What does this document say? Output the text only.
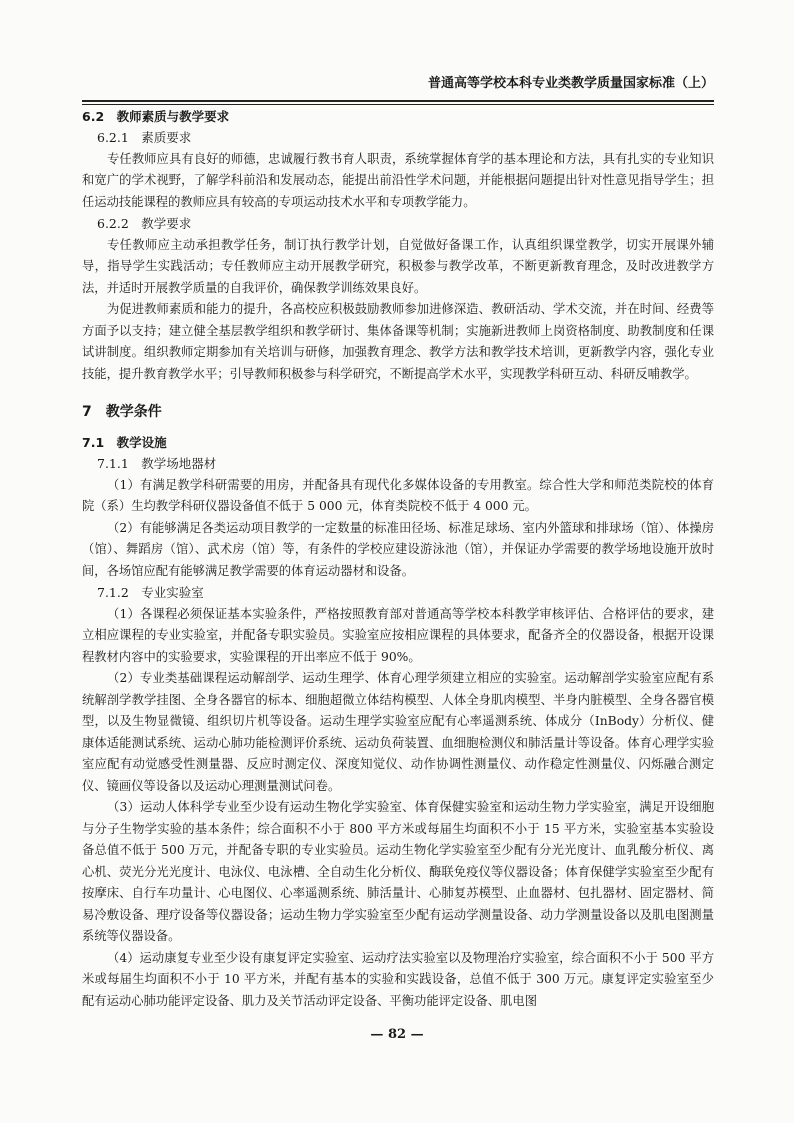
普通高等学校本科专业类教学质量国家标准（上）
6.2　教师素质与教学要求
6.2.1　素质要求

专任教师应具有良好的师德，忠诚履行教书育人职责，系统掌握体育学的基本理论和方法，具有扎实的专业知识和宽广的学术视野，了解学科前沿和发展动态，能提出前沿性学术问题，并能根据问题提出针对性意见指导学生；担任运动技能课程的教师应具有较高的专项运动技术水平和专项教学能力。

6.2.2　教学要求

专任教师应主动承担教学任务，制订执行教学计划，自觉做好备课工作，认真组织课堂教学，切实开展课外辅导，指导学生实践活动；专任教师应主动开展教学研究，积极参与教学改革，不断更新教育理念，及时改进教学方法，并适时开展教学质量的自我评价，确保教学训练效果良好。

为促进教师素质和能力的提升，各高校应积极鼓励教师参加进修深造、教研活动、学术交流，并在时间、经费等方面予以支持；建立健全基层教学组织和教学研讨、集体备课等机制；实施新进教师上岗资格制度、助教制度和任课试讲制度。组织教师定期参加有关培训与研修，加强教育理念、教学方法和教学技术培训，更新教学内容，强化专业技能，提升教育教学水平；引导教师积极参与科学研究，不断提高学术水平，实现教学科研互动、科研反哺教学。

7　教学条件
7.1　教学设施
7.1.1　教学场地器材

（1）有满足教学科研需要的用房，并配备具有现代化多媒体设备的专用教室。综合性大学和师范类院校的体育院（系）生均教学科研仪器设备值不低于 5 000 元，体育类院校不低于 4 000 元。

（2）有能够满足各类运动项目教学的一定数量的标准田径场、标准足球场、室内外篮球和排球场（馆）、体操房（馆）、舞蹈房（馆）、武术房（馆）等，有条件的学校应建设游泳池（馆），并保证办学需要的教学场地设施开放时间，各场馆应配有能够满足教学需要的体育运动器材和设备。

7.1.2　专业实验室

（1）各课程必须保证基本实验条件，严格按照教育部对普通高等学校本科教学审核评估、合格评估的要求，建立相应课程的专业实验室，并配备专职实验员。实验室应按相应课程的具体要求，配备齐全的仪器设备，根据开设课程教材内容中的实验要求，实验课程的开出率应不低于 90%。

（2）专业类基础课程运动解剖学、运动生理学、体育心理学须建立相应的实验室。运动解剖学实验室应配有系统解剖学教学挂图、全身各器官的标本、细胞超微立体结构模型、人体全身肌肉模型、半身内脏模型、全身各器官模型，以及生物显微镜、组织切片机等设备。运动生理学实验室应配有心率遥测系统、体成分（InBody）分析仪、健康体适能测试系统、运动心肺功能检测评价系统、运动负荷装置、血细胞检测仪和肺活量计等设备。体育心理学实验室应配有动觉感受性测量器、反应时测定仪、深度知觉仪、动作协调性测量仪、动作稳定性测量仪、闪烁融合测定仪、镜画仪等设备以及运动心理测量测试问卷。

（3）运动人体科学专业至少设有运动生物化学实验室、体育保健实验室和运动生物力学实验室，满足开设细胞与分子生物学实验的基本条件；综合面积不小于 800 平方米或每届生均面积不小于 15 平方米，实验室基本实验设备总值不低于 500 万元，并配备专职的专业实验员。运动生物化学实验室至少配有分光光度计、血乳酸分析仪、离心机、荧光分光光度计、电泳仪、电泳槽、全自动生化分析仪、酶联免疫仪等仪器设备；体育保健学实验室至少配有按摩床、自行车功量计、心电图仪、心率遥测系统、肺活量计、心肺复苏模型、止血器材、包扎器材、固定器材、简易冷敷设备、理疗设备等仪器设备；运动生物力学实验室至少配有运动学测量设备、动力学测量设备以及肌电图测量系统等仪器设备。

（4）运动康复专业至少设有康复评定实验室、运动疗法实验室以及物理治疗实验室，综合面积不小于 500 平方米或每届生均面积不小于 10 平方米，并配有基本的实验和实践设备，总值不低于 300 万元。康复评定实验室至少配有运动心肺功能评定设备、肌力及关节活动评定设备、平衡功能评定设备、肌电图

— 82 —
